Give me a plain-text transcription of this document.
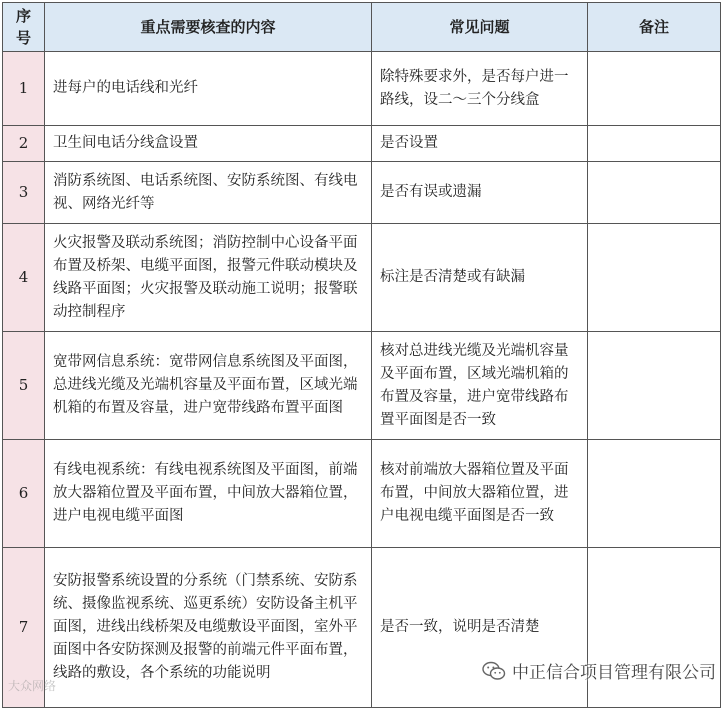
序
号	重点需要核查的内容	常见问题	备注
1	进每户的电话线和光纤	除特殊要求外，是否每户进一路线，设二～三个分线盒	
2	卫生间电话分线盒设置	是否设置	
3	消防系统图、电话系统图、安防系统图、有线电视、网络光纤等	是否有误或遗漏	
4	火灾报警及联动系统图；消防控制中心设备平面布置及桥架、电缆平面图，报警元件联动模块及线路平面图；火灾报警及联动施工说明；报警联动控制程序	标注是否清楚或有缺漏	
5	宽带网信息系统：宽带网信息系统图及平面图，总进线光缆及光端机容量及平面布置，区域光端机箱的布置及容量，进户宽带线路布置平面图	核对总进线光缆及光端机容量及平面布置，区域光端机箱的布置及容量，进户宽带线路布置平面图是否一致	
6	有线电视系统：有线电视系统图及平面图，前端放大器箱位置及平面布置，中间放大器箱位置，进户电视电缆平面图	核对前端放大器箱位置及平面布置，中间放大器箱位置，进户电视电缆平面图是否一致	
7	安防报警系统设置的分系统（门禁系统、安防系统、摄像监视系统、巡更系统）安防设备主机平面图，进线出线桥架及电缆敷设平面图，室外平面图中各安防探测及报警的前端元件平面布置，线路的敷设，各个系统的功能说明	是否一致，说明是否清楚	
大众网络
中正信合项目管理有限公司
